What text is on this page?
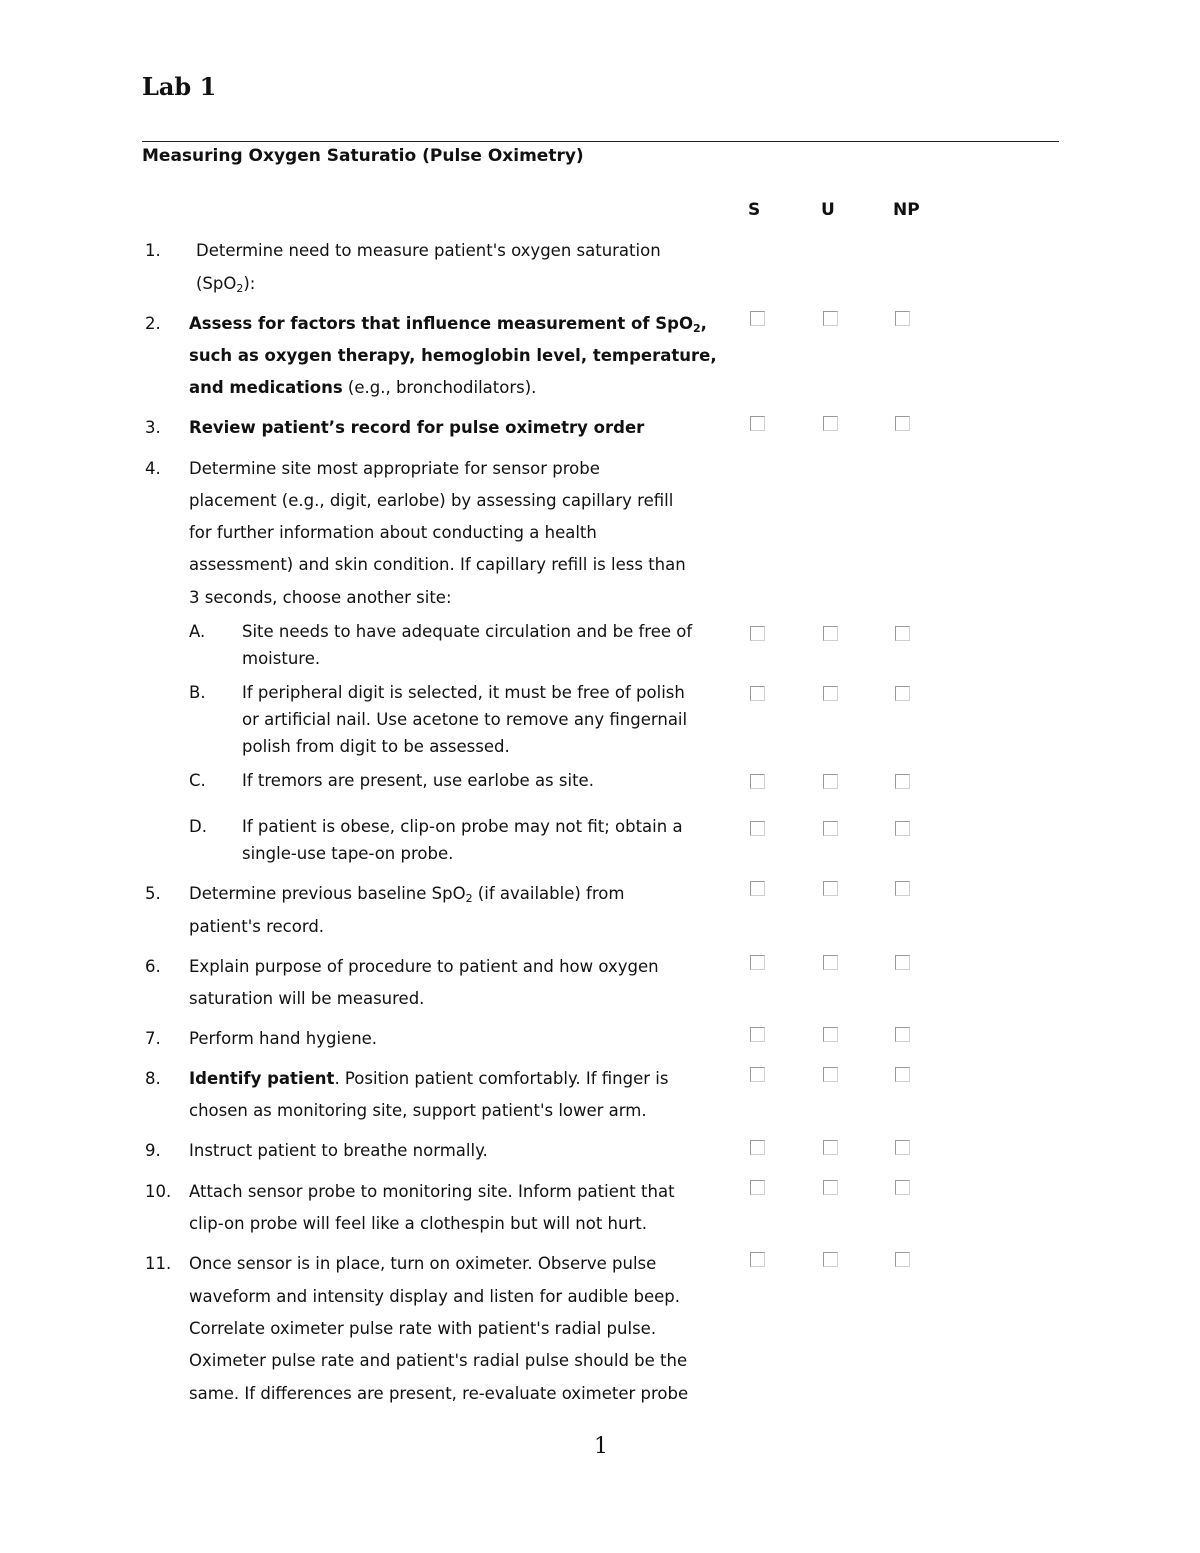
Lab 1
Measuring Oxygen Saturatio (Pulse Oximetry)
S	U	NP
1. Determine need to measure patient's oxygen saturation
(SpO$_2$):
2. Assess for factors that influence measurement of SpO$_2$,
such as oxygen therapy, hemoglobin level, temperature,
and medications (e.g., bronchodilators).
3. Review patient’s record for pulse oximetry order
4. Determine site most appropriate for sensor probe
placement (e.g., digit, earlobe) by assessing capillary refill
for further information about conducting a health
assessment) and skin condition. If capillary refill is less than
3 seconds, choose another site:
A. Site needs to have adequate circulation and be free of
moisture.
B. If peripheral digit is selected, it must be free of polish
or artificial nail. Use acetone to remove any fingernail
polish from digit to be assessed.
C. If tremors are present, use earlobe as site.
D. If patient is obese, clip-on probe may not fit; obtain a
single-use tape-on probe.
5. Determine previous baseline SpO$_2$ (if available) from
patient's record.
6. Explain purpose of procedure to patient and how oxygen
saturation will be measured.
7. Perform hand hygiene.
8. Identify patient. Position patient comfortably. If finger is
chosen as monitoring site, support patient's lower arm.
9. Instruct patient to breathe normally.
10. Attach sensor probe to monitoring site. Inform patient that
clip-on probe will feel like a clothespin but will not hurt.
11. Once sensor is in place, turn on oximeter. Observe pulse
waveform and intensity display and listen for audible beep.
Correlate oximeter pulse rate with patient's radial pulse.
Oximeter pulse rate and patient's radial pulse should be the
same. If differences are present, re-evaluate oximeter probe
1
